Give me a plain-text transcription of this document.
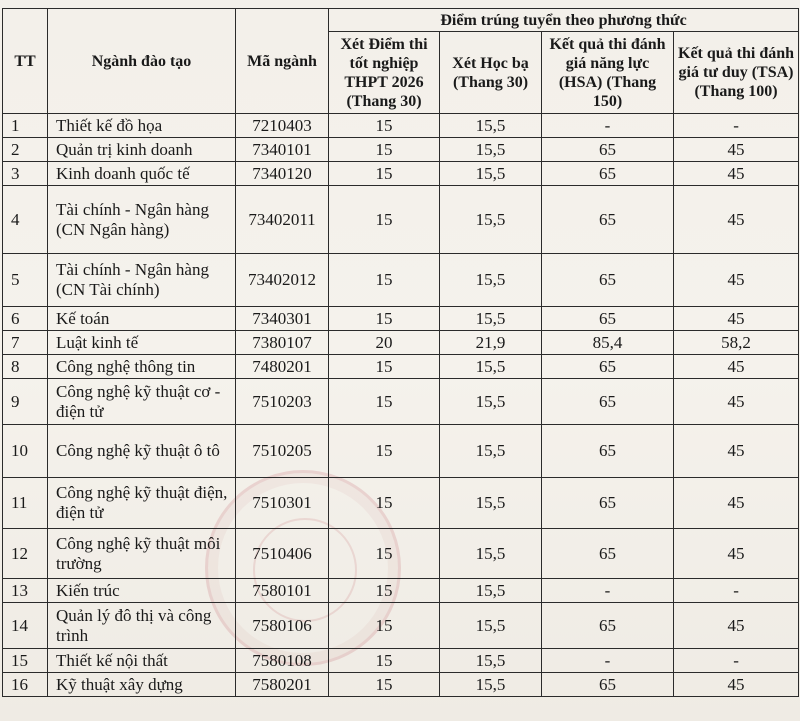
TT	Ngành đào tạo	Mã ngành	Điểm trúng tuyển theo phương thức			
			Xét Điểm thi tốt nghiệp THPT 2026 (Thang 30)	Xét Học bạ (Thang 30)	Kết quả thi đánh giá năng lực (HSA) (Thang 150)	Kết quả thi đánh giá tư duy (TSA) (Thang 100)
1	Thiết kế đồ họa	7210403	15	15,5	-	-
2	Quản trị kinh doanh	7340101	15	15,5	65	45
3	Kinh doanh quốc tế	7340120	15	15,5	65	45
4	Tài chính - Ngân hàng (CN Ngân hàng)	73402011	15	15,5	65	45
5	Tài chính - Ngân hàng (CN Tài chính)	73402012	15	15,5	65	45
6	Kế toán	7340301	15	15,5	65	45
7	Luật kinh tế	7380107	20	21,9	85,4	58,2
8	Công nghệ thông tin	7480201	15	15,5	65	45
9	Công nghệ kỹ thuật cơ - điện tử	7510203	15	15,5	65	45
10	Công nghệ kỹ thuật ô tô	7510205	15	15,5	65	45
11	Công nghệ kỹ thuật điện, điện tử	7510301	15	15,5	65	45
12	Công nghệ kỹ thuật môi trường	7510406	15	15,5	65	45
13	Kiến trúc	7580101	15	15,5	-	-
14	Quản lý đô thị và công trình	7580106	15	15,5	65	45
15	Thiết kế nội thất	7580108	15	15,5	-	-
16	Kỹ thuật xây dựng	7580201	15	15,5	65	45
